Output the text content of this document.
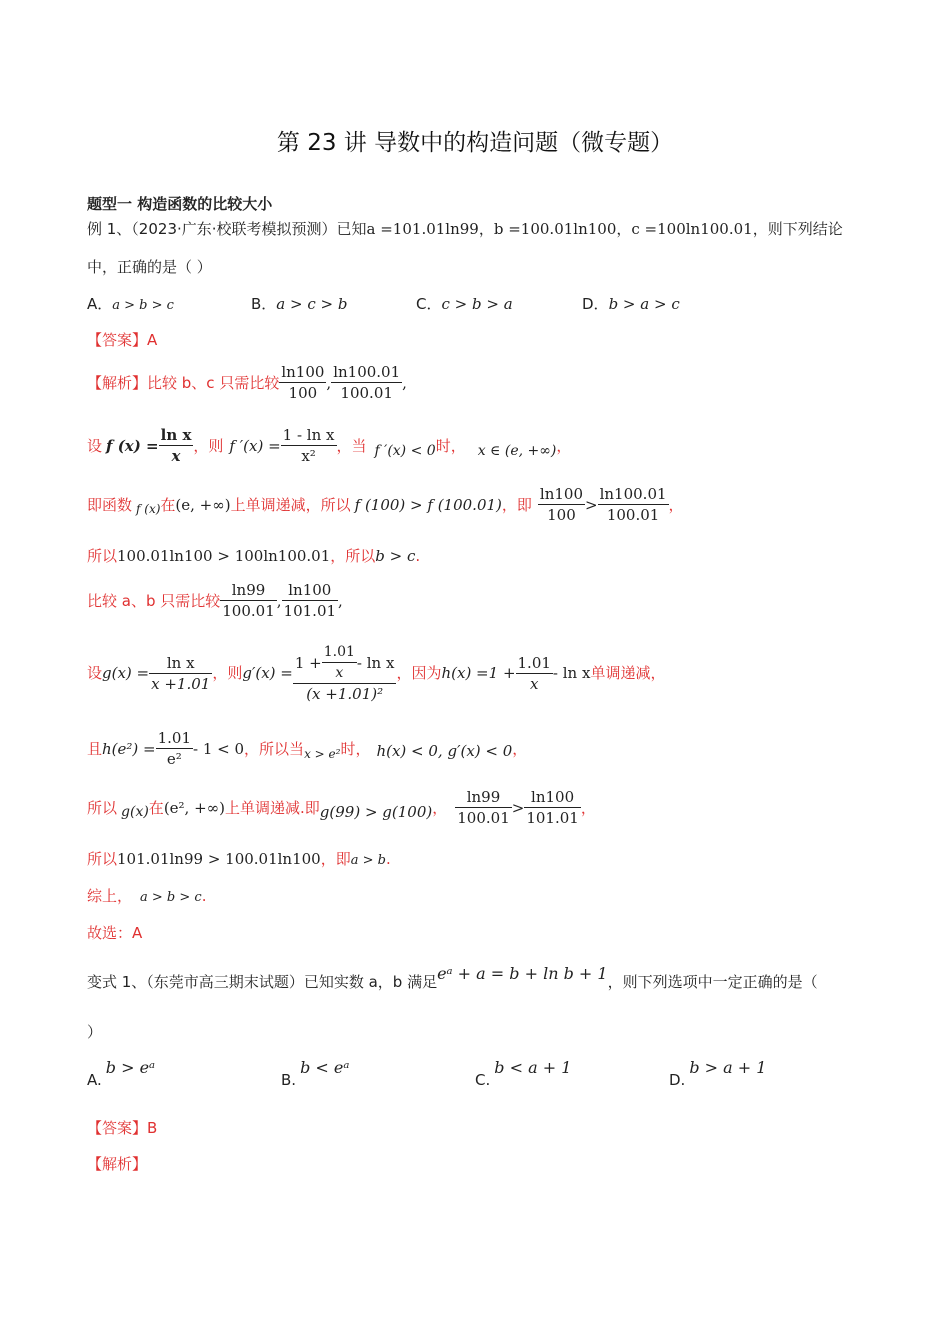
第 23 讲 导数中的构造问题（微专题）
题型一 构造函数的比较大小
例 1、（2023·广东·校联考模拟预测）已知a =101.01ln99，b =100.01ln100，c =100ln100.01，则下列结论
中，正确的是（ ）
A．a > b > c	B．a > c > b	C．c > b > a	D．b > a > c
【答案】A
【解析】 比较 b、c 只需比较 $\frac{\ln 100}{100}$ , $\frac{\ln 100.01}{100.01}$ ,
设 f $(x) = \frac{\text{ln x}}{x}$ ，则 f $'(x) = \frac{\text{1 - ln x}}{\text{x²}}$ ，当 f ′(x) < 0 时， x ∈ (e, +∞) ，
即函数 f (x) 在 (e, +∞) 上单调递减，所以 f (100) > f (100.01) ，即 $\frac{\ln 100}{100} > \frac{\ln 100.01}{100.01}$ ，
所以100.01ln100 > 100ln100.01，所以b > c.
比较 a、b 只需比较 $\frac{\ln 99}{100.01}$ , $\frac{\ln 100}{101.01}$ ,
设 $g(x) = \frac{\text{ln x}}{x +1.01}$ ，则 $g'(x) = \frac{1 + \frac{1.01}{x} - \ln x}{\text{(x +1.01)²}}$ ，因为 $h(x) =1 + \frac{1.01}{x} - \ln x$ 单调递减，
且 $h(e^2) = \frac{1.01}{\text{e²}} - 1 < 0$ ，所以当 x > e² 时， h(x) < 0, g′(x) < 0 ，
所以 g(x) 在 (e², +∞) 上单调递减.即 g(99) > g(100) ， $\frac{\ln 99}{100.01} > \frac{\ln 100}{101.01}$ ，
所以101.01ln99 > 100.01ln100，即a > b.
综上， a > b > c.
故选：A
变式 1、（东莞市高三期末试题）已知实数 a，b 满足eᵃ + a = b + ln b + 1，则下列选项中一定正确的是（
）
A.b > eᵃ
B.b < eᵃ
C.b < a + 1
D.b > a + 1
【答案】B
【解析】
